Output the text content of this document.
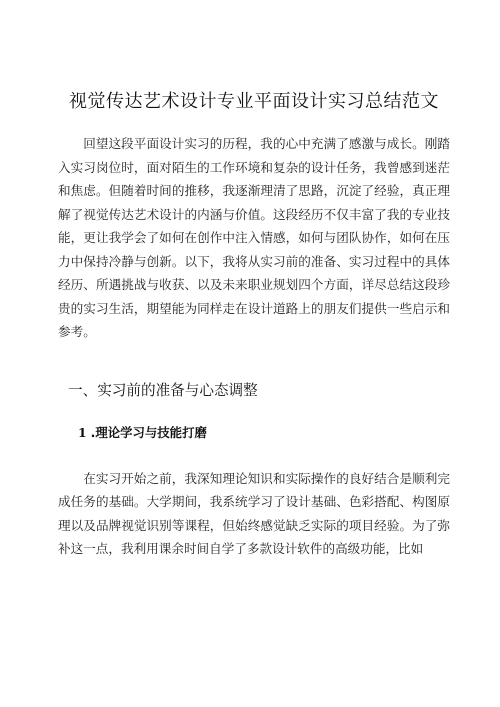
视觉传达艺术设计专业平面设计实习总结范文

回望这段平面设计实习的历程，我的心中充满了感激与成长。刚踏入实习岗位时，面对陌生的工作环境和复杂的设计任务，我曾感到迷茫和焦虑。但随着时间的推移，我逐渐理清了思路，沉淀了经验，真正理解了视觉传达艺术设计的内涵与价值。这段经历不仅丰富了我的专业技能，更让我学会了如何在创作中注入情感，如何与团队协作，如何在压力中保持冷静与创新。以下，我将从实习前的准备、实习过程中的具体经历、所遇挑战与收获、以及未来职业规划四个方面，详尽总结这段珍贵的实习生活，期望能为同样走在设计道路上的朋友们提供一些启示和参考。

一、实习前的准备与心态调整
1 .理论学习与技能打磨

在实习开始之前，我深知理论知识和实际操作的良好结合是顺利完成任务的基础。大学期间，我系统学习了设计基础、色彩搭配、构图原理以及品牌视觉识别等课程，但始终感觉缺乏实际的项目经验。为了弥补这一点，我利用课余时间自学了多款设计软件的高级功能，比如
